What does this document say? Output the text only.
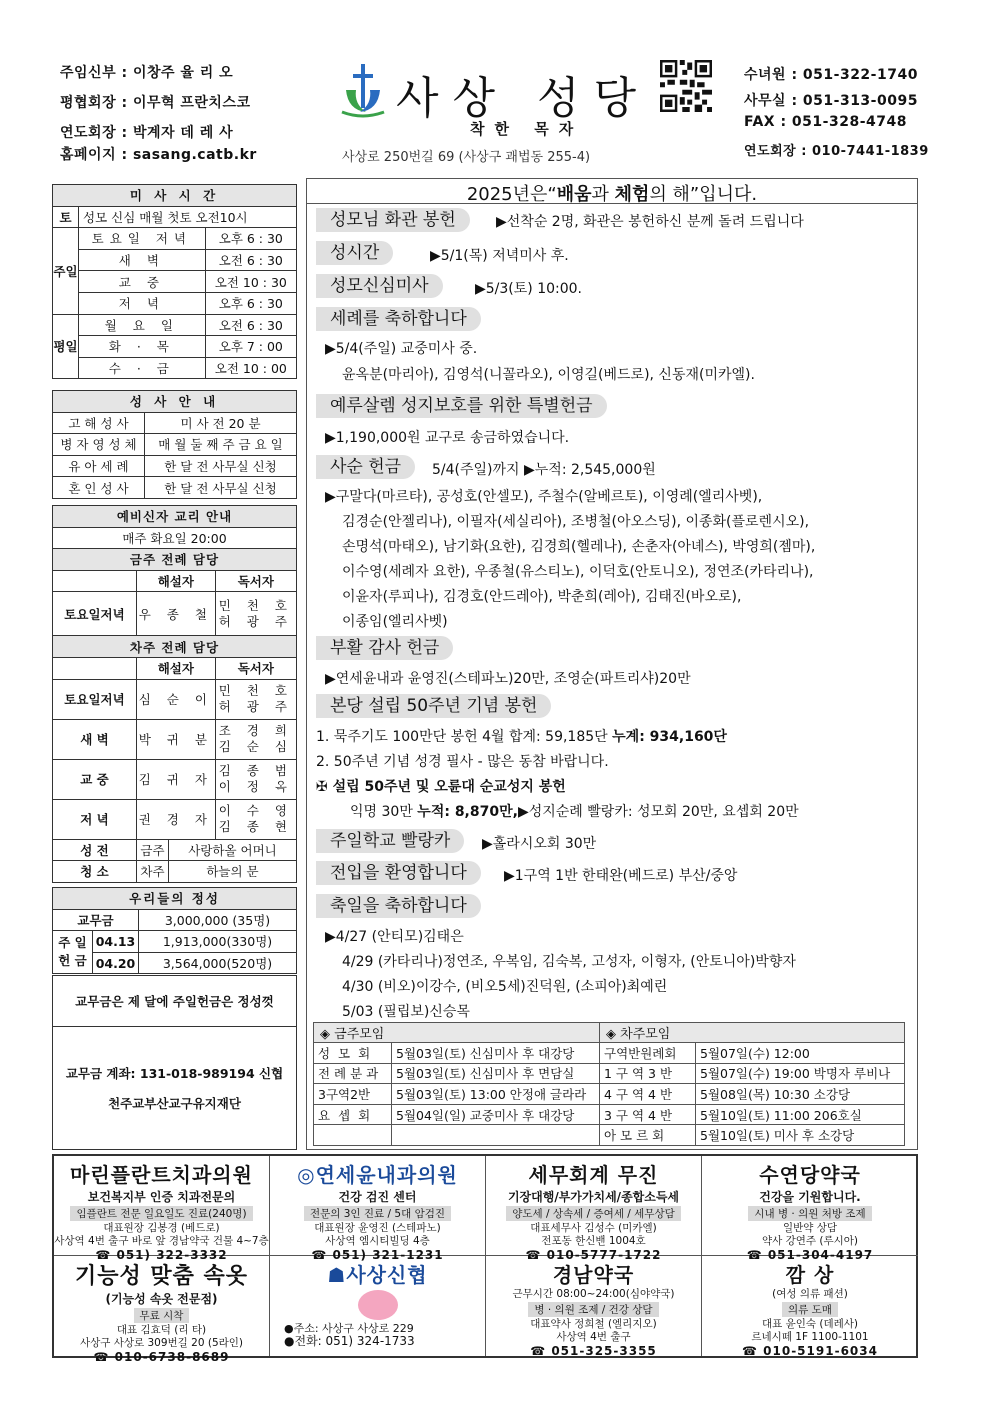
주임신부 : 이창주 율 리 오
평협회장 : 이무혁 프란치스코
연도회장 : 박계자 데 레 사
홈페이지 : sasang.catb.kr
사상 성당
착한 목자
사상로 250번길 69 (사상구 괘법동 255-4)
수녀원 : 051-322-1740
사무실 : 051-313-0095
FAX : 051-328-4748
연도회장 : 010-7441-1839
미 사 시 간		
토	성모 신심 매월 첫토 오전10시	
주일	토요일 저녁	오후 6 : 30
	새 벽	오전 6 : 30
	교 중	오전 10 : 30
	저 녁	오후 6 : 30
평일	월 요 일	오전 6 : 30
	화 · 목	오후 7 : 00
	수 · 금	오전 10 : 00
성 사 안 내	
고 해 성 사	미 사 전 20 분
병 자 영 성 체	매 월 둘 째 주 금 요 일
유 아 세 례	한 달 전 사무실 신청
혼 인 성 사	한 달 전 사무실 신청
예비신자 교리 안내			
매주 화요일 20:00			
금주 전례 담당			
	해설자		독서자
토요일저녁	우 종 철		민 천 호
허 광 주
차주 전례 담당			
	해설자		독서자
토요일저녁	심 순 이		민 천 호
허 광 주
새 벽	박 귀 분		조 경 희
김 순 심
교 중	김 귀 자		김 종 범
이 정 옥
저 녁	권 경 자		이 수 영
김 종 현
성 전	금주	사랑하올 어머니	
청 소	차주	하늘의 문	
우리들의 정성		
교무금		3,000,000 (35명)
주 일
헌 금	04.13	1,913,000(330명)
	04.20	3,564,000(520명)
교무금은 제 달에 주일헌금은 정성껏
교무금 계좌: 131-018-989194 신협
천주교부산교구유지재단
2025년은“배움과 체험의 해”입니다.
성모님 화관 봉헌	▶선착순 2명, 화관은 봉헌하신 분께 돌려 드립니다
성시간	▶5/1(목) 저녁미사 후.
성모신심미사	▶5/3(토) 10:00.
세례를 축하합니다
▶5/4(주일) 교중미사 중.
윤옥분(마리아), 김영석(니꼴라오), 이영길(베드로), 신동재(미카엘).
예루살렘 성지보호를 위한 특별헌금
▶1,190,000원 교구로 송금하였습니다.
사순 헌금	5/4(주일)까지 ▶누적: 2,545,000원
▶구말다(마르타), 공성호(안셀모), 주철수(알베르토), 이영례(엘리사벳),
김경순(안젤리나), 이필자(세실리아), 조병철(아오스딩), 이종화(플로렌시오),
손명석(마태오), 남기화(요한), 김경희(헬레나), 손춘자(아녜스), 박영희(젬마),
이수영(세례자 요한), 우종철(유스티노), 이덕호(안토니오), 정연조(카타리나),
이윤자(루피나), 김경호(안드레아), 박춘희(레아), 김태진(바오로),
이종임(엘리사벳)
부활 감사 헌금
▶연세윤내과 윤영진(스테파노)20만, 조영순(파트리샤)20만
본당 설립 50주년 기념 봉헌
1. 묵주기도 100만단 봉헌 4월 합계: 59,185단 누계: 934,160단
2. 50주년 기념 성경 필사 - 많은 동참 바랍니다.
✠ 설립 50주년 및 오륜대 순교성지 봉헌
익명 30만 누적: 8,870만,▶성지순례 빨랑카: 성모회 20만, 요셉회 20만
주일학교 빨랑카	▶홀라시오회 30만
전입을 환영합니다	▶1구역 1반 한태완(베드로) 부산/중앙
축일을 축하합니다
▶4/27 (안티모)김태은
4/29 (카타리나)정연조, 우복임, 김숙복, 고성자, 이형자, (안토니아)박향자
4/30 (비오)이강수, (비오5세)진덕원, (소피아)최예린
5/03 (필립보)신승목
◈ 금주모임		◈ 차주모임	
성 모 회	5월03일(토) 신심미사 후 대강당	구역반원례회	5월07일(수) 12:00
전 례 분 과	5월03일(토) 신심미사 후 면담실	1 구 역 3 반	5월07일(수) 19:00 박명자 루비나
3구역2반	5월03일(토) 13:00 안정애 글라라	4 구 역 4 반	5월08일(목) 10:30 소강당
요 셉 회	5월04일(일) 교중미사 후 대강당	3 구 역 4 반	5월10일(토) 11:00 206호실
		아 모 르 회	5월10일(토) 미사 후 소강당
마린플란트치과의원
보건복지부 인증 치과전문의
임플란트 전문 일요일도 진료(240명)
대표원장 김봉경 (베드로)
사상역 4번 출구 바로 앞 경남약국 건물 4~7층
☎ 051) 322-3332
◎연세윤내과의원
건강 검진 센터
전문의 3인 진료 / 5대 암검진
대표원장 윤영진 (스테파노)
사상역 엠시티빌딩 4층
☎ 051) 321-1231
세무회계 무진
기장대행/부가가치세/종합소득세
양도세 / 상속세 / 증여세 / 세무상담
대표세무사 김성수 (미카엘)
전포동 한신밴 1004호
☎ 010-5777-1722
수연당약국
건강을 기원합니다.
시내 병 · 의원 처방 조제
일반약 상담
약사 강연주 (루시아)
☎ 051-304-4197
기능성 맞춤 속옷
(기능성 속옷 전문점)
무료 시착
대표 김효덕 (리 타)
사상구 사상로 309번길 20 (5라인)
☎ 010-6738-8689
☗사상신협
●주소: 사상구 사상로 229
●전화: 051) 324-1733
경남약국
근무시간 08:00~24:00(심야약국)
병 · 의원 조제 / 건강 상담
대표약사 정희철 (엘리지오)
사상역 4번 출구
☎ 051-325-3355
깜 상
(여성 의류 패션)
의류 도매
대표 윤인숙 (데레사)
르네시떼 1F 1100-1101
☎ 010-5191-6034
